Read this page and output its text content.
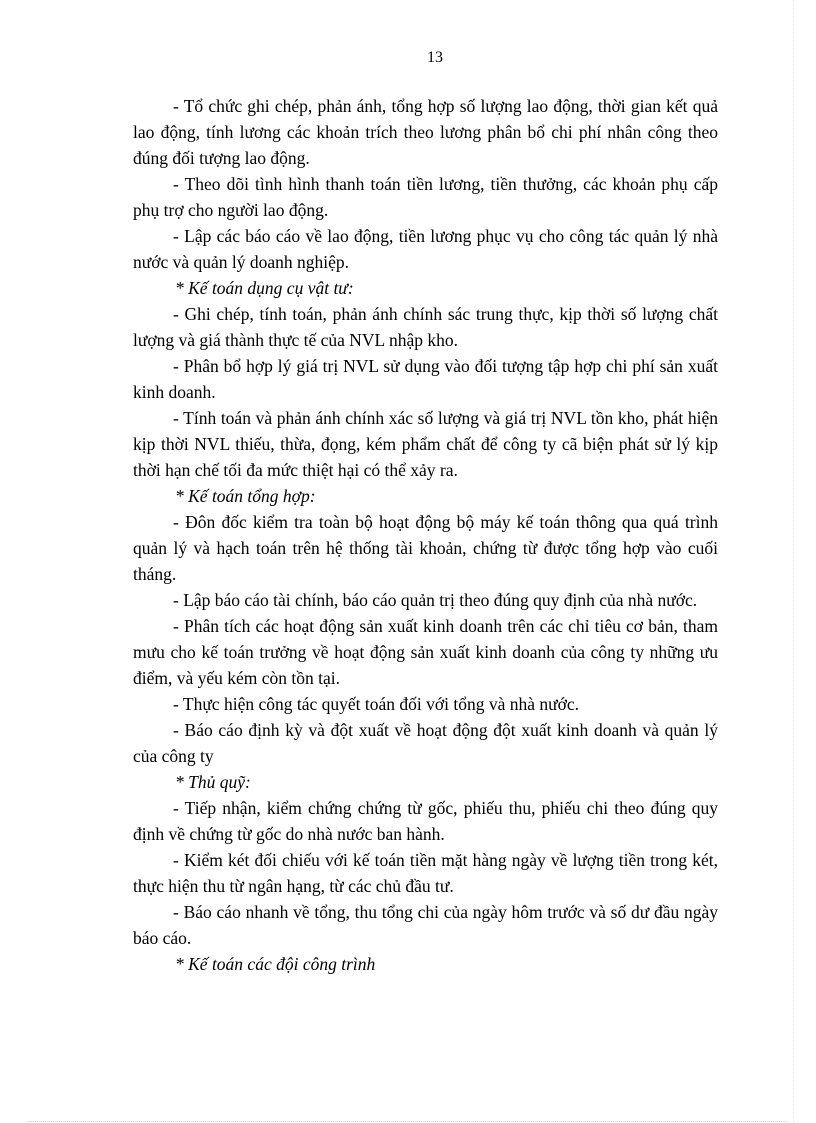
13

- Tổ chức ghi chép, phản ánh, tổng hợp số lượng lao động, thời gian kết quả lao động, tính lương các khoản trích theo lương phân bổ chi phí nhân công theo đúng đối tượng lao động.

- Theo dõi tình hình thanh toán tiền lương, tiền thưởng, các khoản phụ cấp phụ trợ cho người lao động.

- Lập các báo cáo về lao động, tiền lương phục vụ cho công tác quản lý nhà nước và quản lý doanh nghiệp.

* Kế toán dụng cụ vật tư:

- Ghi chép, tính toán, phản ánh chính sác trung thực, kịp thời số lượng chất lượng và giá thành thực tế của NVL nhập kho.

- Phân bổ hợp lý giá trị NVL sử dụng vào đối tượng tập hợp chi phí sản xuất kinh doanh.

- Tính toán và phản ánh chính xác số lượng và giá trị NVL tồn kho, phát hiện kịp thời NVL thiếu, thừa, đọng, kém phẩm chất để công ty cã biện phát sử lý kịp thời hạn chế tối đa mức thiệt hại có thể xảy ra.

* Kế toán tổng hợp:

- Đôn đốc kiểm tra toàn bộ hoạt động bộ máy kế toán thông qua quá trình quản lý và hạch toán trên hệ thống tài khoản, chứng từ được tổng hợp vào cuối tháng.

- Lập báo cáo tài chính, báo cáo quản trị theo đúng quy định của nhà nước.

- Phân tích các hoạt động sản xuất kinh doanh trên các chỉ tiêu cơ bản, tham mưu cho kế toán trưởng về hoạt động sản xuất kinh doanh của công ty những ưu điểm, và yếu kém còn tồn tại.

- Thực hiện công tác quyết toán đối với tổng và nhà nước.

- Báo cáo định kỳ và đột xuất về hoạt động đột xuất kinh doanh và quản lý của công ty

* Thủ quỹ:

- Tiếp nhận, kiểm chứng chứng từ gốc, phiếu thu, phiếu chi theo đúng quy định về chứng từ gốc do nhà nước ban hành.

- Kiểm két đối chiếu với kế toán tiền mặt hàng ngày về lượng tiền trong két, thực hiện thu từ ngân hạng, từ các chủ đầu tư.

- Báo cáo nhanh về tổng, thu tổng chi của ngày hôm trước và số dư đầu ngày báo cáo.

* Kế toán các đội công trình
